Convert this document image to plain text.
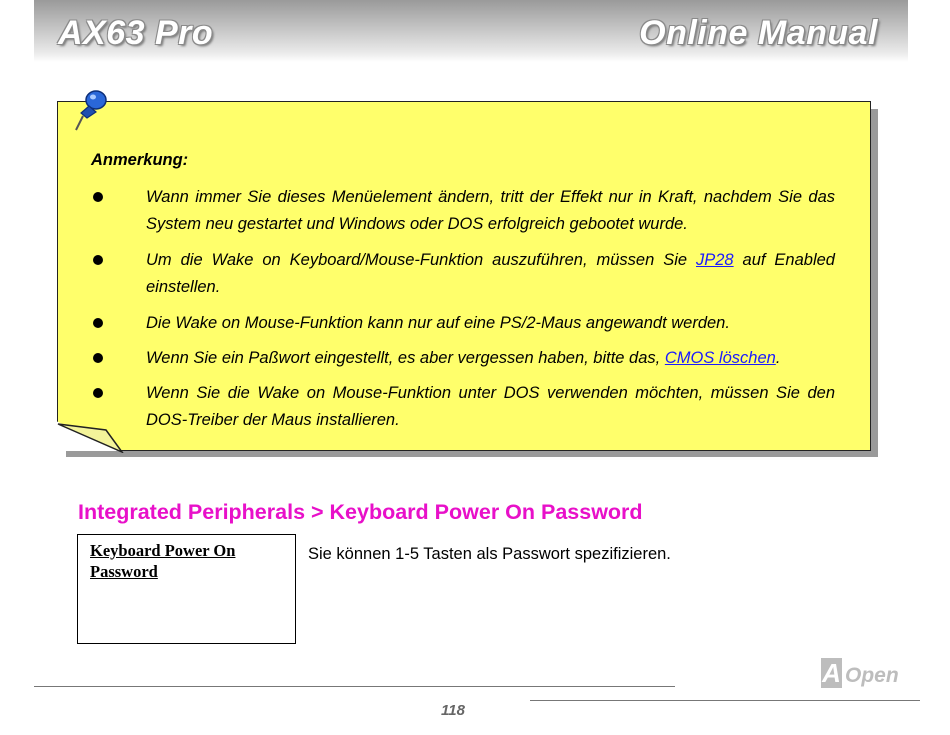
AX63 Pro	Online Manual
Anmerkung:
Wann immer Sie dieses Menüelement ändern, tritt der Effekt nur in Kraft, nachdem Sie das System neu gestartet und Windows oder DOS erfolgreich gebootet wurde.
Um die Wake on Keyboard/Mouse-Funktion auszuführen, müssen Sie JP28 auf Enabled einstellen.
Die Wake on Mouse-Funktion kann nur auf eine PS/2-Maus angewandt werden.
Wenn Sie ein Paßwort eingestellt, es aber vergessen haben, bitte das, CMOS löschen.
Wenn Sie die Wake on Mouse-Funktion unter DOS verwenden möchten, müssen Sie den DOS-Treiber der Maus installieren.
Integrated Peripherals > Keyboard Power On Password
Keyboard Power On Password
Sie können 1-5 Tasten als Passwort spezifizieren.
118
A Open
